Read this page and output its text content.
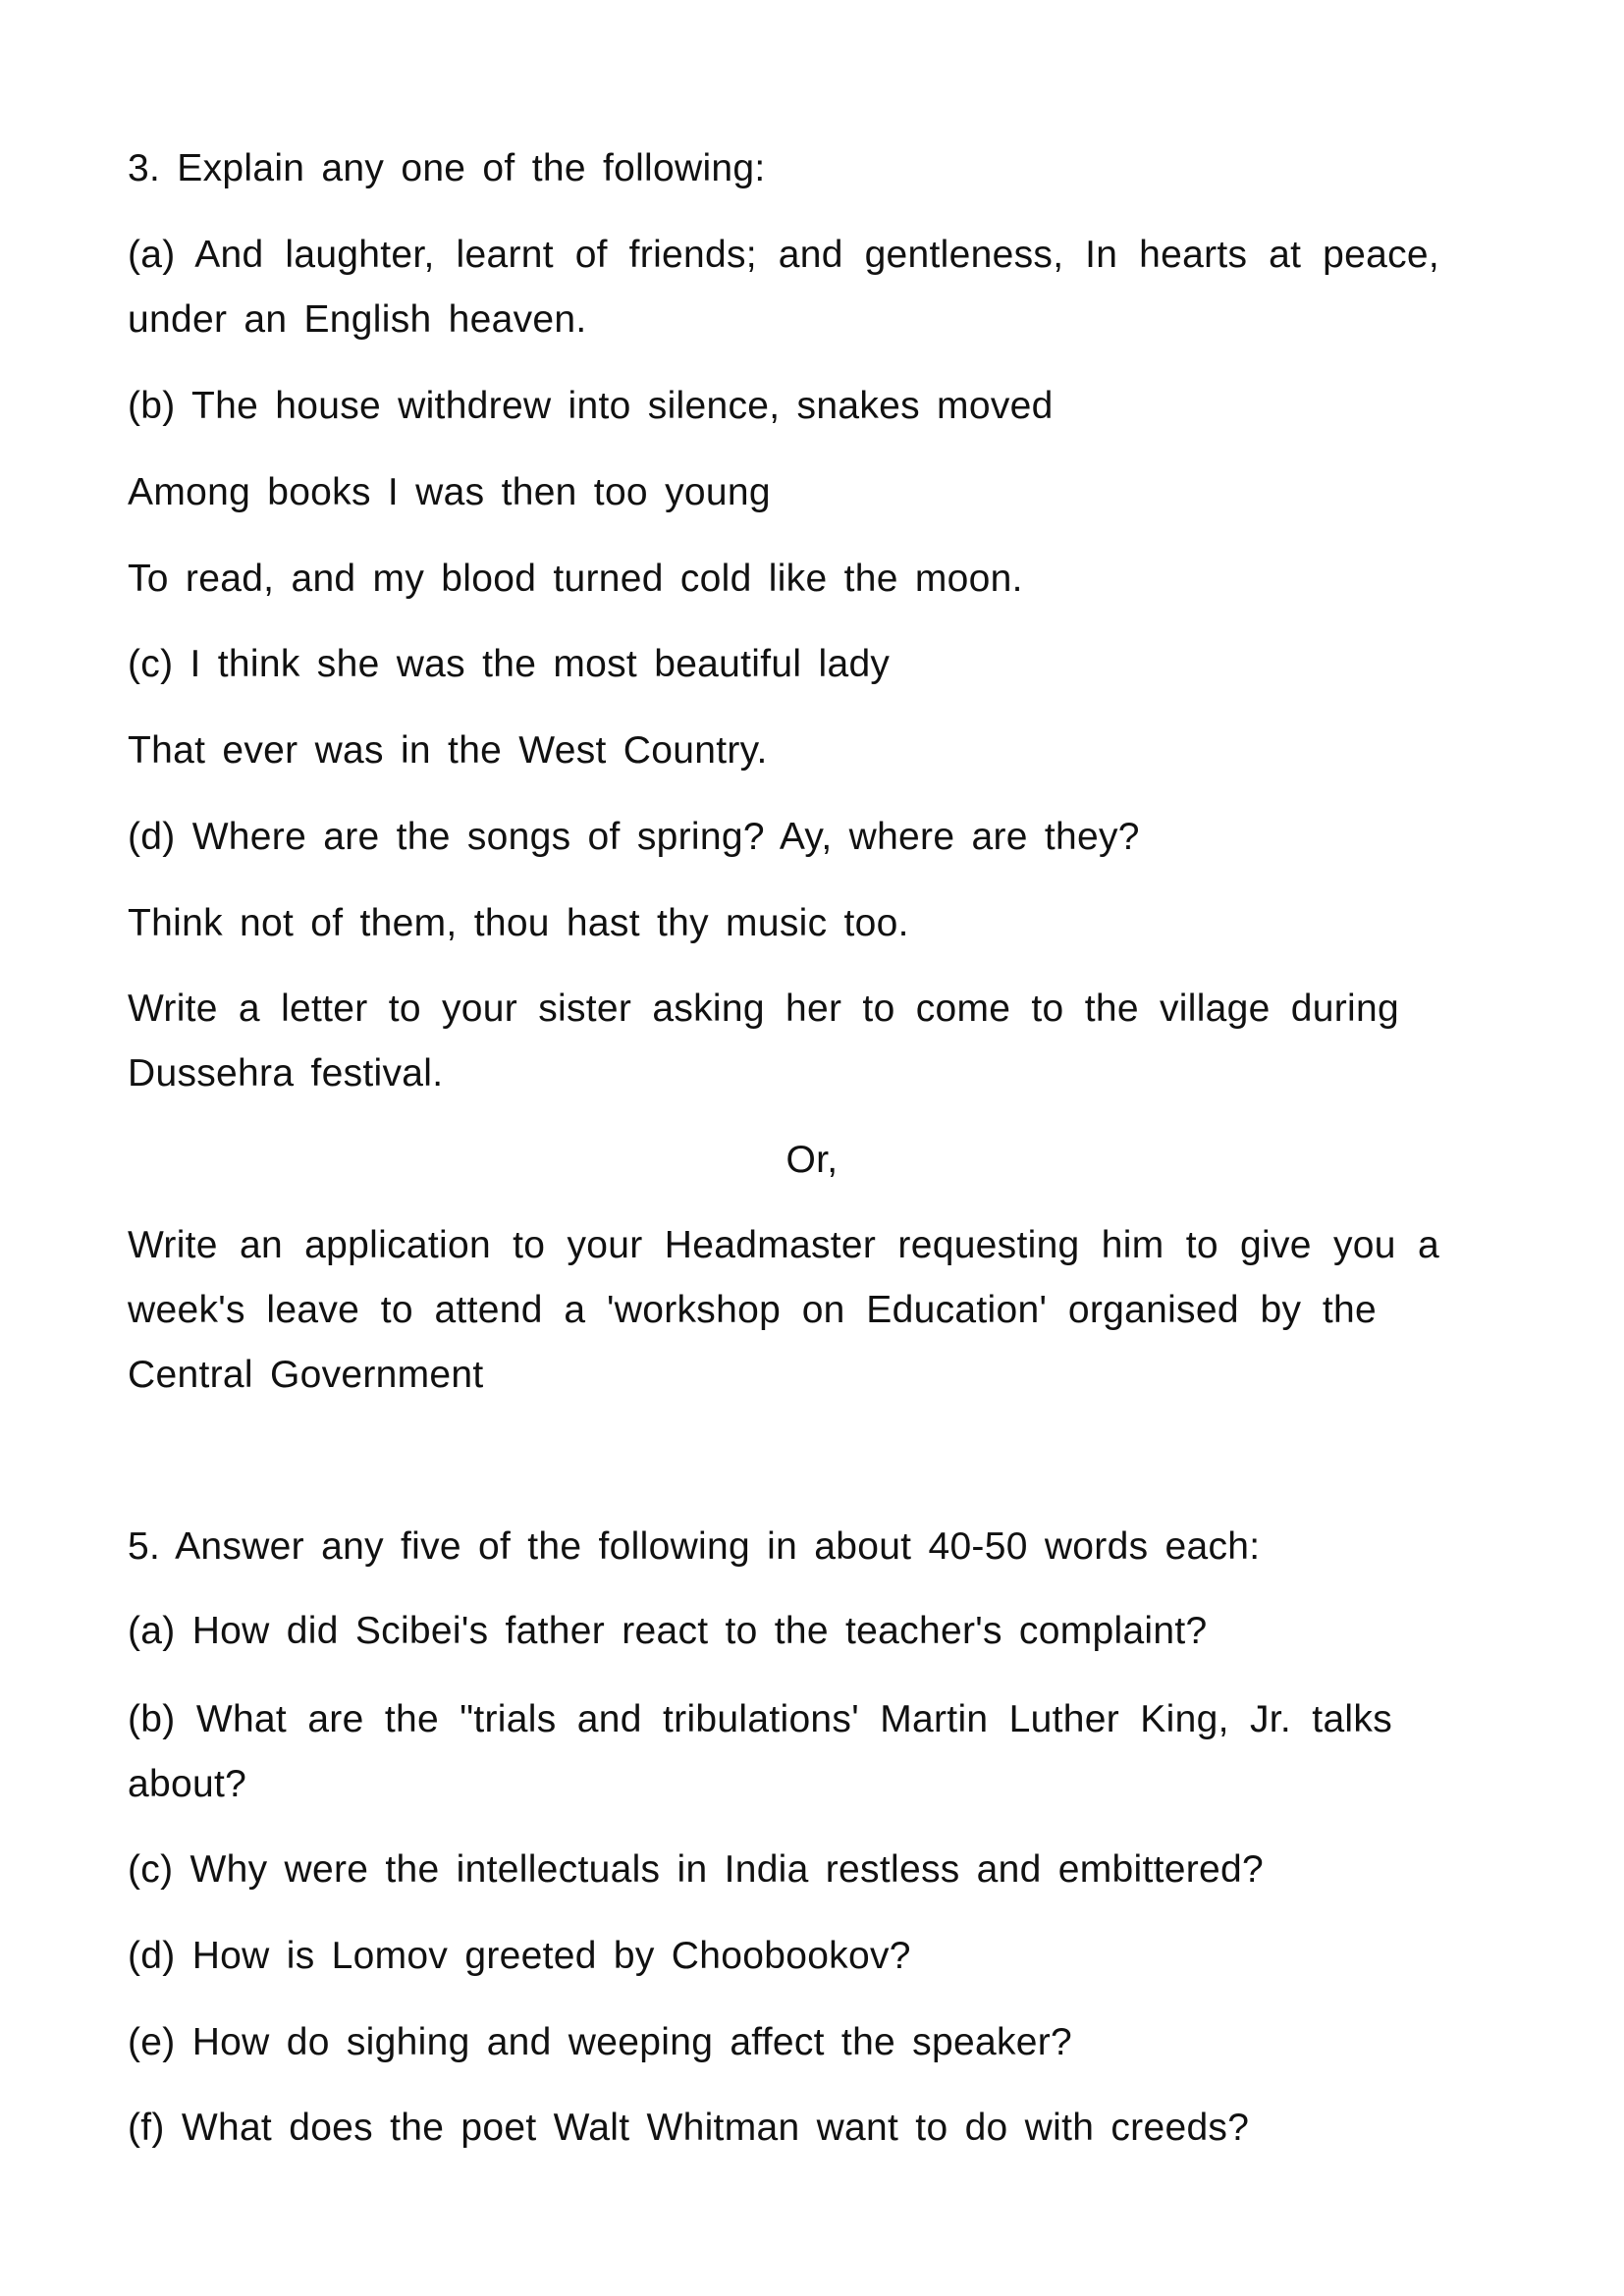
3. Explain any one of the following:
(a) And laughter, learnt of friends; and gentleness, In hearts at peace,
under an English heaven.
(b) The house withdrew into silence, snakes moved
Among books I was then too young
To read, and my blood turned cold like the moon.
(c) I think she was the most beautiful lady
That ever was in the West Country.
(d) Where are the songs of spring? Ay, where are they?
Think not of them, thou hast thy music too.
Write a letter to your sister asking her to come to the village during
Dussehra festival.
Or,
Write an application to your Headmaster requesting him to give you a
week's leave to attend a 'workshop on Education' organised by the
Central Government
5. Answer any five of the following in about 40-50 words each:
(a) How did Scibei's father react to the teacher's complaint?
(b) What are the "trials and tribulations' Martin Luther King, Jr. talks
about?
(c) Why were the intellectuals in India restless and embittered?
(d) How is Lomov greeted by Choobookov?
(e) How do sighing and weeping affect the speaker?
(f) What does the poet Walt Whitman want to do with creeds?
